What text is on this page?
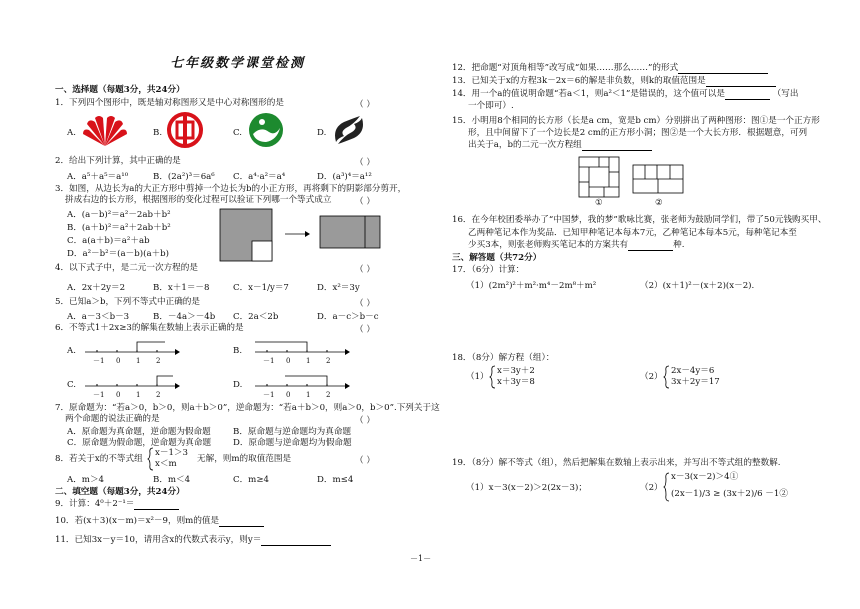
七年级数学课堂检测
一、选择题（每题3分，共24分）
1．下列四个图形中，既是轴对称图形又是中心对称图形的是	（ ）
A.	B.	C.	D.
2．给出下列计算，其中正确的是	（ ）
A．a⁵＋a⁵＝a¹⁰	B．(2a²)³＝6a⁶ C．a⁴·a²＝a⁴	D．(a³)⁴＝a¹²
3．如图，从边长为a的大正方形中剪掉一个边长为b的小正方形，再将剩下的阴影部分剪开，
拼成右边的长方形，根据图形的变化过程可以验证下列哪一个等式成立	（ ）
A．(a－b)²＝a²－2ab＋b²
B．(a＋b)²＝a²＋2ab＋b²
C．a(a＋b)＝a²＋ab
D．a²－b²＝(a－b)(a＋b)
4．以下式子中，是二元一次方程的是	（ ）
A．2x＋2y＝2	B．x＋1＝－8	C．x－1/y＝7	D．x²＝3y
5．已知a＞b，下列不等式中正确的是	（ ）
A．a－3＜b－3	B．－4a＞－4b C．2a＜2b	D．a－c＞b－c
6．不等式1＋2x≥3的解集在数轴上表示正确的是	（ ）
A.	B.
C.	D.
－1 0 1 2	－1 0 1 2
－1 0 1 2	－1 0 1 2
7．原命题为：“若a＞0，b＞0，则a＋b＞0”，逆命题为：“若a＋b＞0，则a＞0，b＞0”.下列关于这
两个命题的说法正确的是	（ ）
A．原命题为真命题，逆命题为假命题	B．原命题与逆命题均为真命题
C．原命题为假命题，逆命题为真命题	D．原命题与逆命题均为假命题
8．若关于x的不等式组
x－1＞3
x＜m 无解，则m的取值范围是	（ ）
A．m＞4	B．m＜4	C．m≥4	D．m≤4
二、填空题（每题3分，共24分）
9．计算：4⁰＋2⁻¹＝
10．若(x＋3)(x－m)＝x²－9，则m的值是
11．已知3x－y＝10，请用含x的代数式表示y，则y＝
12．把命题“对顶角相等”改写成“如果……那么……”的形式
13．已知关于x的方程3k－2x＝6的解是非负数，则k的取值范围是
14．用一个a的值说明命题“若a＜1，则a²＜1”是错误的，这个值可以是	（写出
一个即可）.
15．小明用8个相同的长方形（长是a cm，宽是b cm）分别拼出了两种图形：图①是一个正方形
形，且中间留下了一个边长是2 cm的正方形小洞；图②是一个大长方形．根据题意，可列
出关于a，b的二元一次方程组
①	②
16．在今年校团委举办了“中国梦，我的梦”歌咏比赛，张老师为鼓励同学们，带了50元钱购买甲、
乙两种笔记本作为奖品．已知甲种笔记本每本7元，乙种笔记本每本5元，每种笔记本至
少买3本，则张老师购买笔记本的方案共有	种.
三、解答题（共72分）
17．（6分）计算：
（1）(2m²)²＋m²·m⁴－2m⁸＋m²	（2）(x＋1)²－(x＋2)(x－2).
18．（8分）解方程（组）：
（1）
x＝3y＋2
x＋3y＝8	（2）
2x－4y＝6
3x＋2y＝17
19．（8分）解不等式（组），然后把解集在数轴上表示出来，并写出不等式组的整数解.
（1）x－3(x－2)＞2(2x－3)；	（2）
x－3(x－2)＞4①
(2x－1)/3 ≥ (3x＋2)/6 －1②
－1－
